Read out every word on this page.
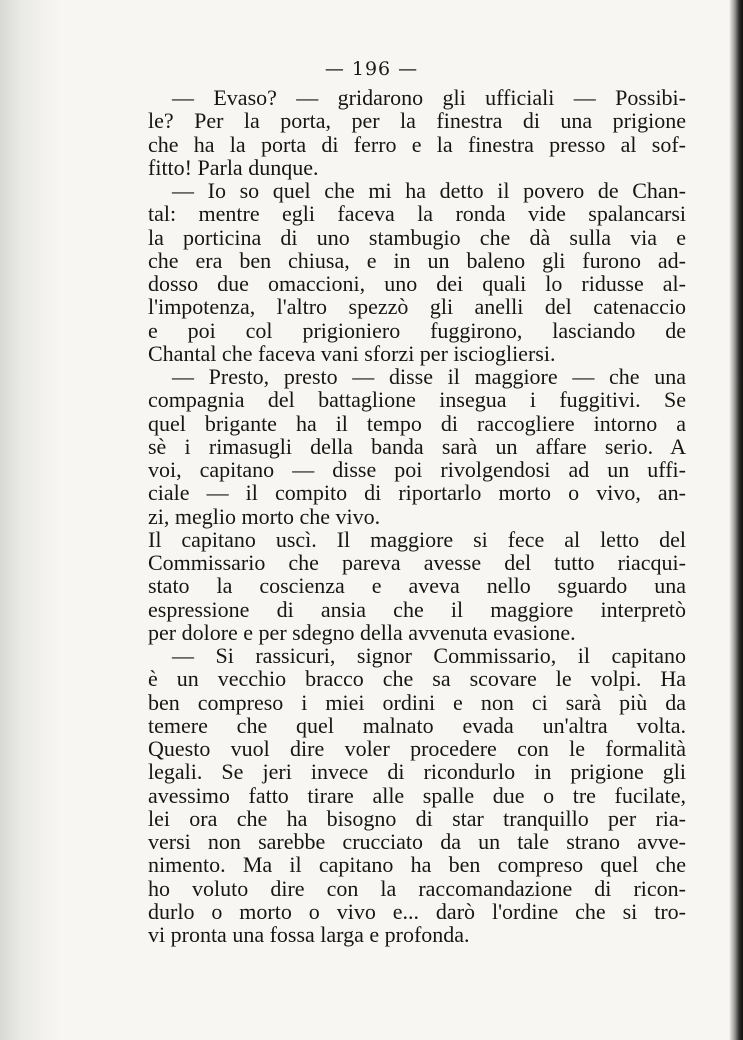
— 196 —
— Evaso? — gridarono gli ufficiali — Possibi-
le? Per la porta, per la finestra di una prigione
che ha la porta di ferro e la finestra presso al sof-
fitto! Parla dunque.
— Io so quel che mi ha detto il povero de Chan-
tal: mentre egli faceva la ronda vide spalancarsi
la porticina di uno stambugio che dà sulla via e
che era ben chiusa, e in un baleno gli furono ad-
dosso due omaccioni, uno dei quali lo ridusse al-
l'impotenza, l'altro spezzò gli anelli del catenaccio
e poi col prigioniero fuggirono, lasciando de
Chantal che faceva vani sforzi per isciogliersi.
— Presto, presto — disse il maggiore — che una
compagnia del battaglione insegua i fuggitivi. Se
quel brigante ha il tempo di raccogliere intorno a
sè i rimasugli della banda sarà un affare serio. A
voi, capitano — disse poi rivolgendosi ad un uffi-
ciale — il compito di riportarlo morto o vivo, an-
zi, meglio morto che vivo.
Il capitano uscì. Il maggiore si fece al letto del
Commissario che pareva avesse del tutto riacqui-
stato la coscienza e aveva nello sguardo una
espressione di ansia che il maggiore interpretò
per dolore e per sdegno della avvenuta evasione.
— Si rassicuri, signor Commissario, il capitano
è un vecchio bracco che sa scovare le volpi. Ha
ben compreso i miei ordini e non ci sarà più da
temere che quel malnato evada un'altra volta.
Questo vuol dire voler procedere con le formalità
legali. Se jeri invece di ricondurlo in prigione gli
avessimo fatto tirare alle spalle due o tre fucilate,
lei ora che ha bisogno di star tranquillo per ria-
versi non sarebbe crucciato da un tale strano avve-
nimento. Ma il capitano ha ben compreso quel che
ho voluto dire con la raccomandazione di ricon-
durlo o morto o vivo e... darò l'ordine che si tro-
vi pronta una fossa larga e profonda.
